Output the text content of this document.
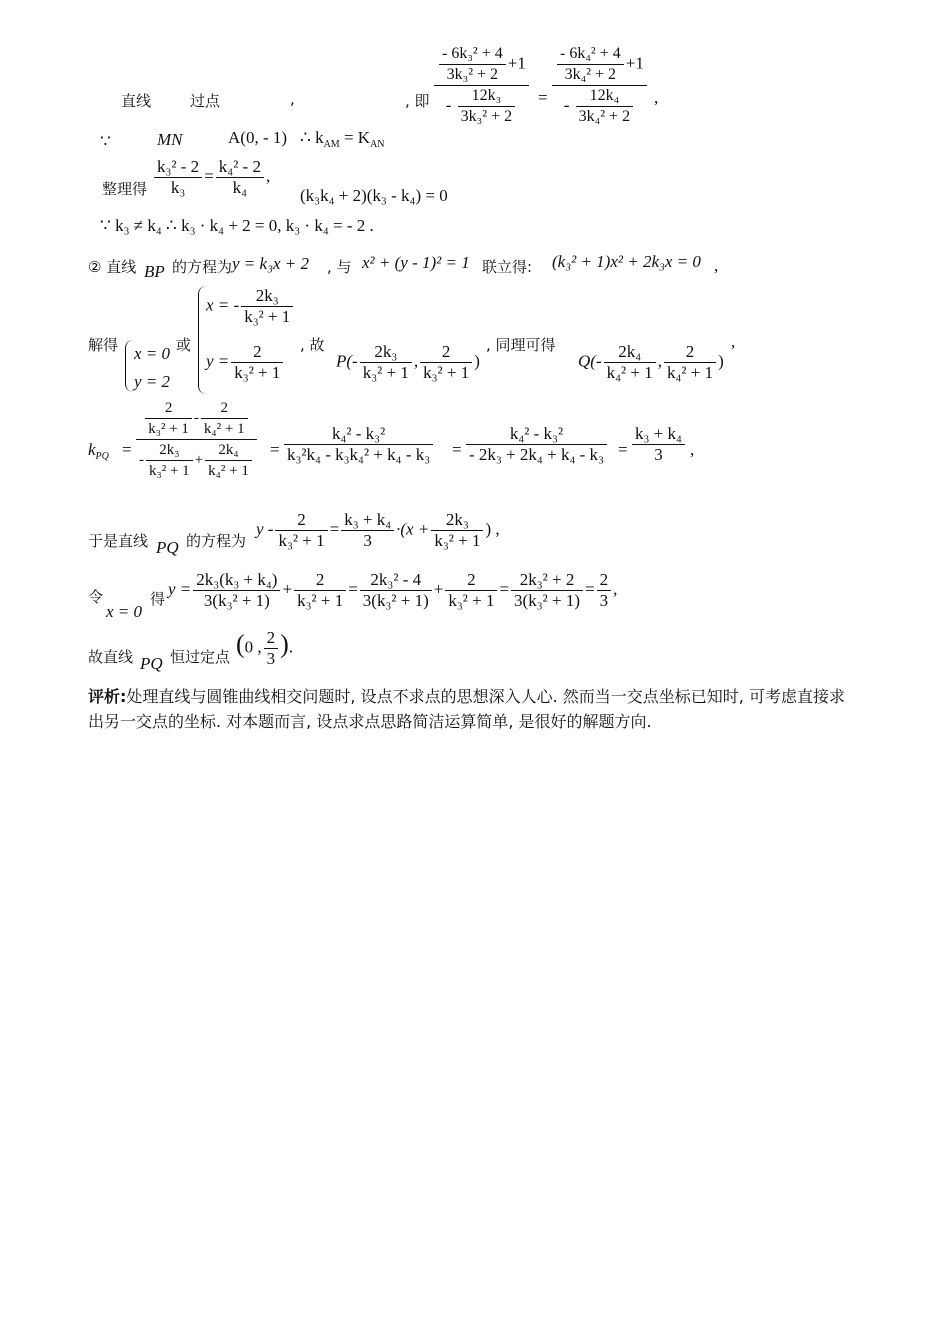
直线	过点	,	, 即 $\frac{\frac{\text{- 6k₃² + 4}}{\text{3k₃² + 2}} +1}{- \frac{\text{12k₃}}{\text{3k₃² + 2}}} = \frac{\frac{\text{- 6k₄² + 4}}{\text{3k₄² + 2}} +1}{- \frac{\text{12k₄}}{\text{3k₄² + 2}}}$ ,
∵	MN	A(0, - 1) ∴ $k_{AM} = K_{AN}$
整理得 $\frac{\text{k₃² - 2}}{\text{k₃}} = \frac{\text{k₄² - 2}}{\text{k₄}}$ ,
(k₃k₄ + 2)(k₃ - k₄) = 0
∵ k₃ ≠ k₄ ∴ k₃ · k₄ + 2 = 0, k₃ · k₄ = - 2 .
② 直线 BP 的方程为 y = k₃x + 2 , 与 x² + (y - 1)² = 1 联立得: (k₃² + 1)x² + 2k₃x = 0 ,
解得 x = 0
y = 2
或
x = - $\frac{\text{2k₃}}{\text{k₃² + 1}}$
$y = \frac{2}{\text{k₃² + 1}}$ , 故
$P(- \frac{\text{2k₃}}{\text{k₃² + 1}}$ , $\frac{2}{\text{k₃² + 1}}$ )
, 同理可得
$Q(- \frac{\text{2k₄}}{\text{k₄² + 1}}$ , $\frac{2}{\text{k₄² + 1}}$ )
,
$k_{PQ} = \frac{\frac{2}{\text{k₃² + 1}} - \frac{2}{\text{k₄² + 1}}}{- \frac{\text{2k₃}}{\text{k₃² + 1}} + \frac{\text{2k₄}}{\text{k₄² + 1}}} = \frac{\text{k₄² - k₃²}}{\text{k₃²k₄ - k₃k₄² + k₄ - k₃}} = \frac{\text{k₄² - k₃²}}{\text{- 2k₃ + 2k₄ + k₄ - k₃}} = \frac{\text{k₃ + k₄}}{3}$ ,
于是直线 PQ 的方程为
$y - \frac{2}{\text{k₃² + 1}} = \frac{\text{k₃ + k₄}}{3} \cdot(x + \frac{\text{2k₃}}{\text{k₃² + 1}}$ ) ,
令
x = 0
得
$y = \frac{\text{2k₃(k₃ + k₄)}}{\text{3(k₃² + 1)}} + \frac{2}{\text{k₃² + 1}} = \frac{\text{2k₃² - 4}}{\text{3(k₃² + 1)}} + \frac{2}{\text{k₃² + 1}} = \frac{\text{2k₃² + 2}}{\text{3(k₃² + 1)}} = \frac{2}{3}$ ,
故直线 PQ 恒过定点 (0 , $\frac{2}{3}$ ).
评析:处理直线与圆锥曲线相交问题时, 设点不求点的思想深入人心. 然而当一交点坐标已知时, 可考虑直接求出另一交点的坐标. 对本题而言, 设点求点思路简洁运算简单, 是很好的解题方向.
